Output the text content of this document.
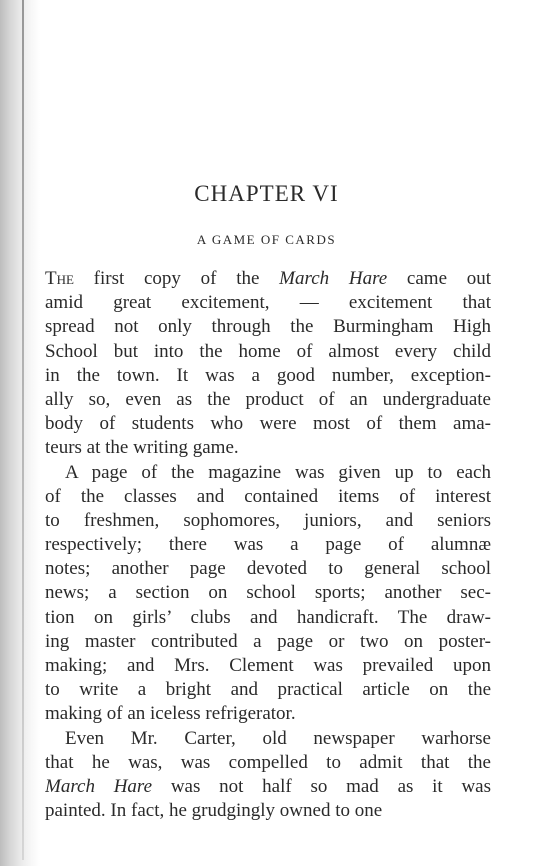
CHAPTER VI
A GAME OF CARDS
The first copy of the March Hare came out
amid great excitement, — excitement that
spread not only through the Burmingham High
School but into the home of almost every child
in the town. It was a good number, exception-
ally so, even as the product of an undergraduate
body of students who were most of them ama-
teurs at the writing game.
A page of the magazine was given up to each
of the classes and contained items of interest
to freshmen, sophomores, juniors, and seniors
respectively; there was a page of alumnæ
notes; another page devoted to general school
news; a section on school sports; another sec-
tion on girls’ clubs and handicraft. The draw-
ing master contributed a page or two on poster-
making; and Mrs. Clement was prevailed upon
to write a bright and practical article on the
making of an iceless refrigerator.
Even Mr. Carter, old newspaper warhorse
that he was, was compelled to admit that the
March Hare was not half so mad as it was
painted. In fact, he grudgingly owned to one
